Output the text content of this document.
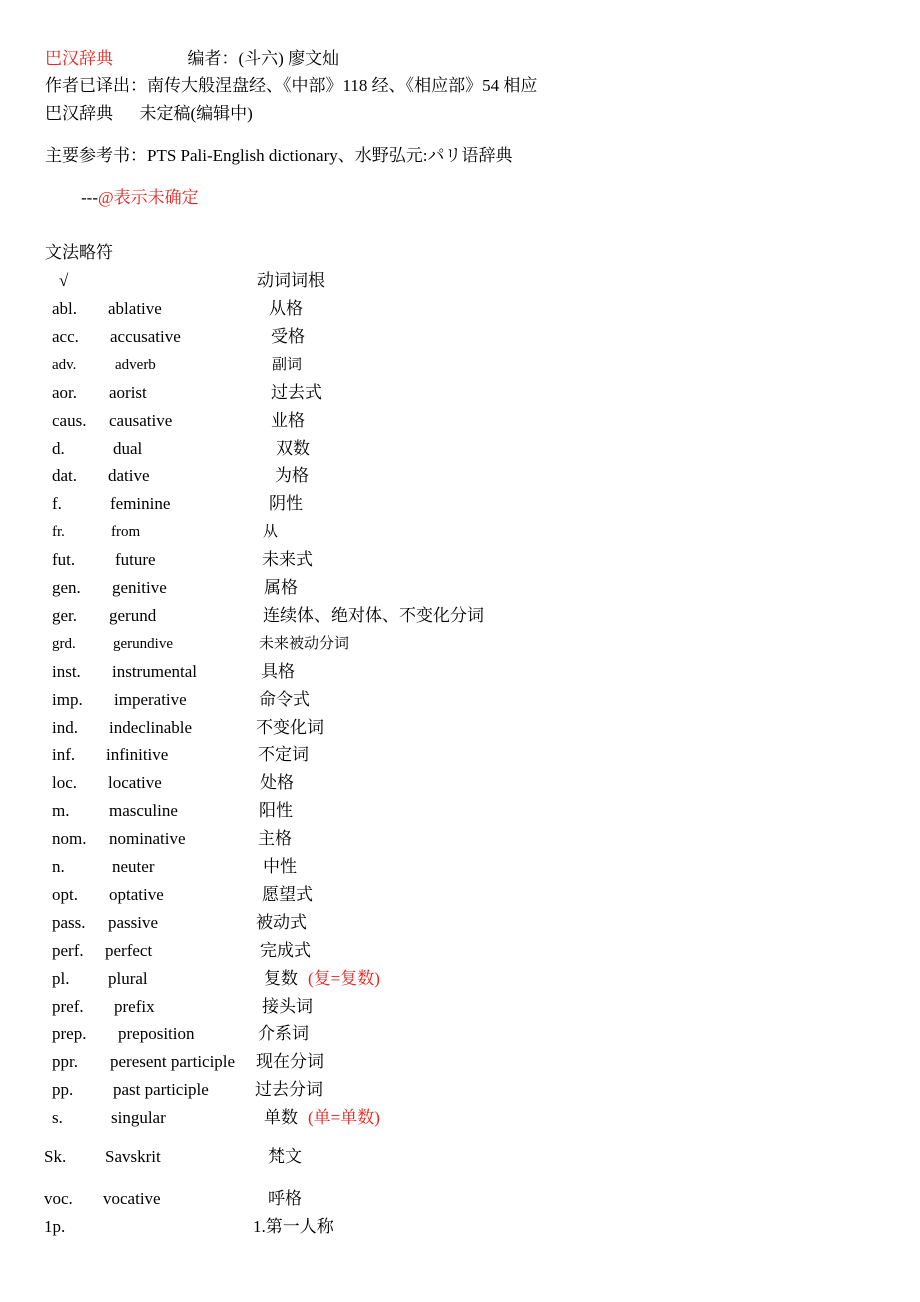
巴汉辞典	编者：(斗六) 廖文灿
作者已译出：南传大般涅盘经、《中部》118 经、《相应部》54 相应
巴汉辞典 未定稿(编辑中)
主要参考书：PTS Pali-English dictionary、水野弘元:パリ语辞典
---@表示未确定
文法略符
√	动词词根
abl. ablative	从格
acc. accusative	受格
adv.	adverb	副词
aor. aorist	过去式
caus. causative	业格
d.	dual	双数
dat. dative	为格
f.	feminine	阴性
fr.	from	从
fut. future	未来式
gen. genitive	属格
ger. gerund	连续体、绝对体、不变化分词
grd. gerundive	未来被动分词
inst. instrumental	具格
imp. imperative	命令式
ind. indeclinable	不变化词
inf. infinitive	不定词
loc. locative	处格
m. masculine	阳性
nom. nominative	主格
n.	neuter	中性
opt. optative	愿望式
pass. passive	被动式
perf. perfect	完成式
pl. plural	复数 (复=复数)
pref. prefix	接头词
prep. preposition	介系词
ppr. peresent participle 现在分词
pp. past participle	过去分词
s.	singular	单数 (单=单数)
Sk. Savskrit	梵文
voc. vocative	呼格
1p.	1.第一人称
